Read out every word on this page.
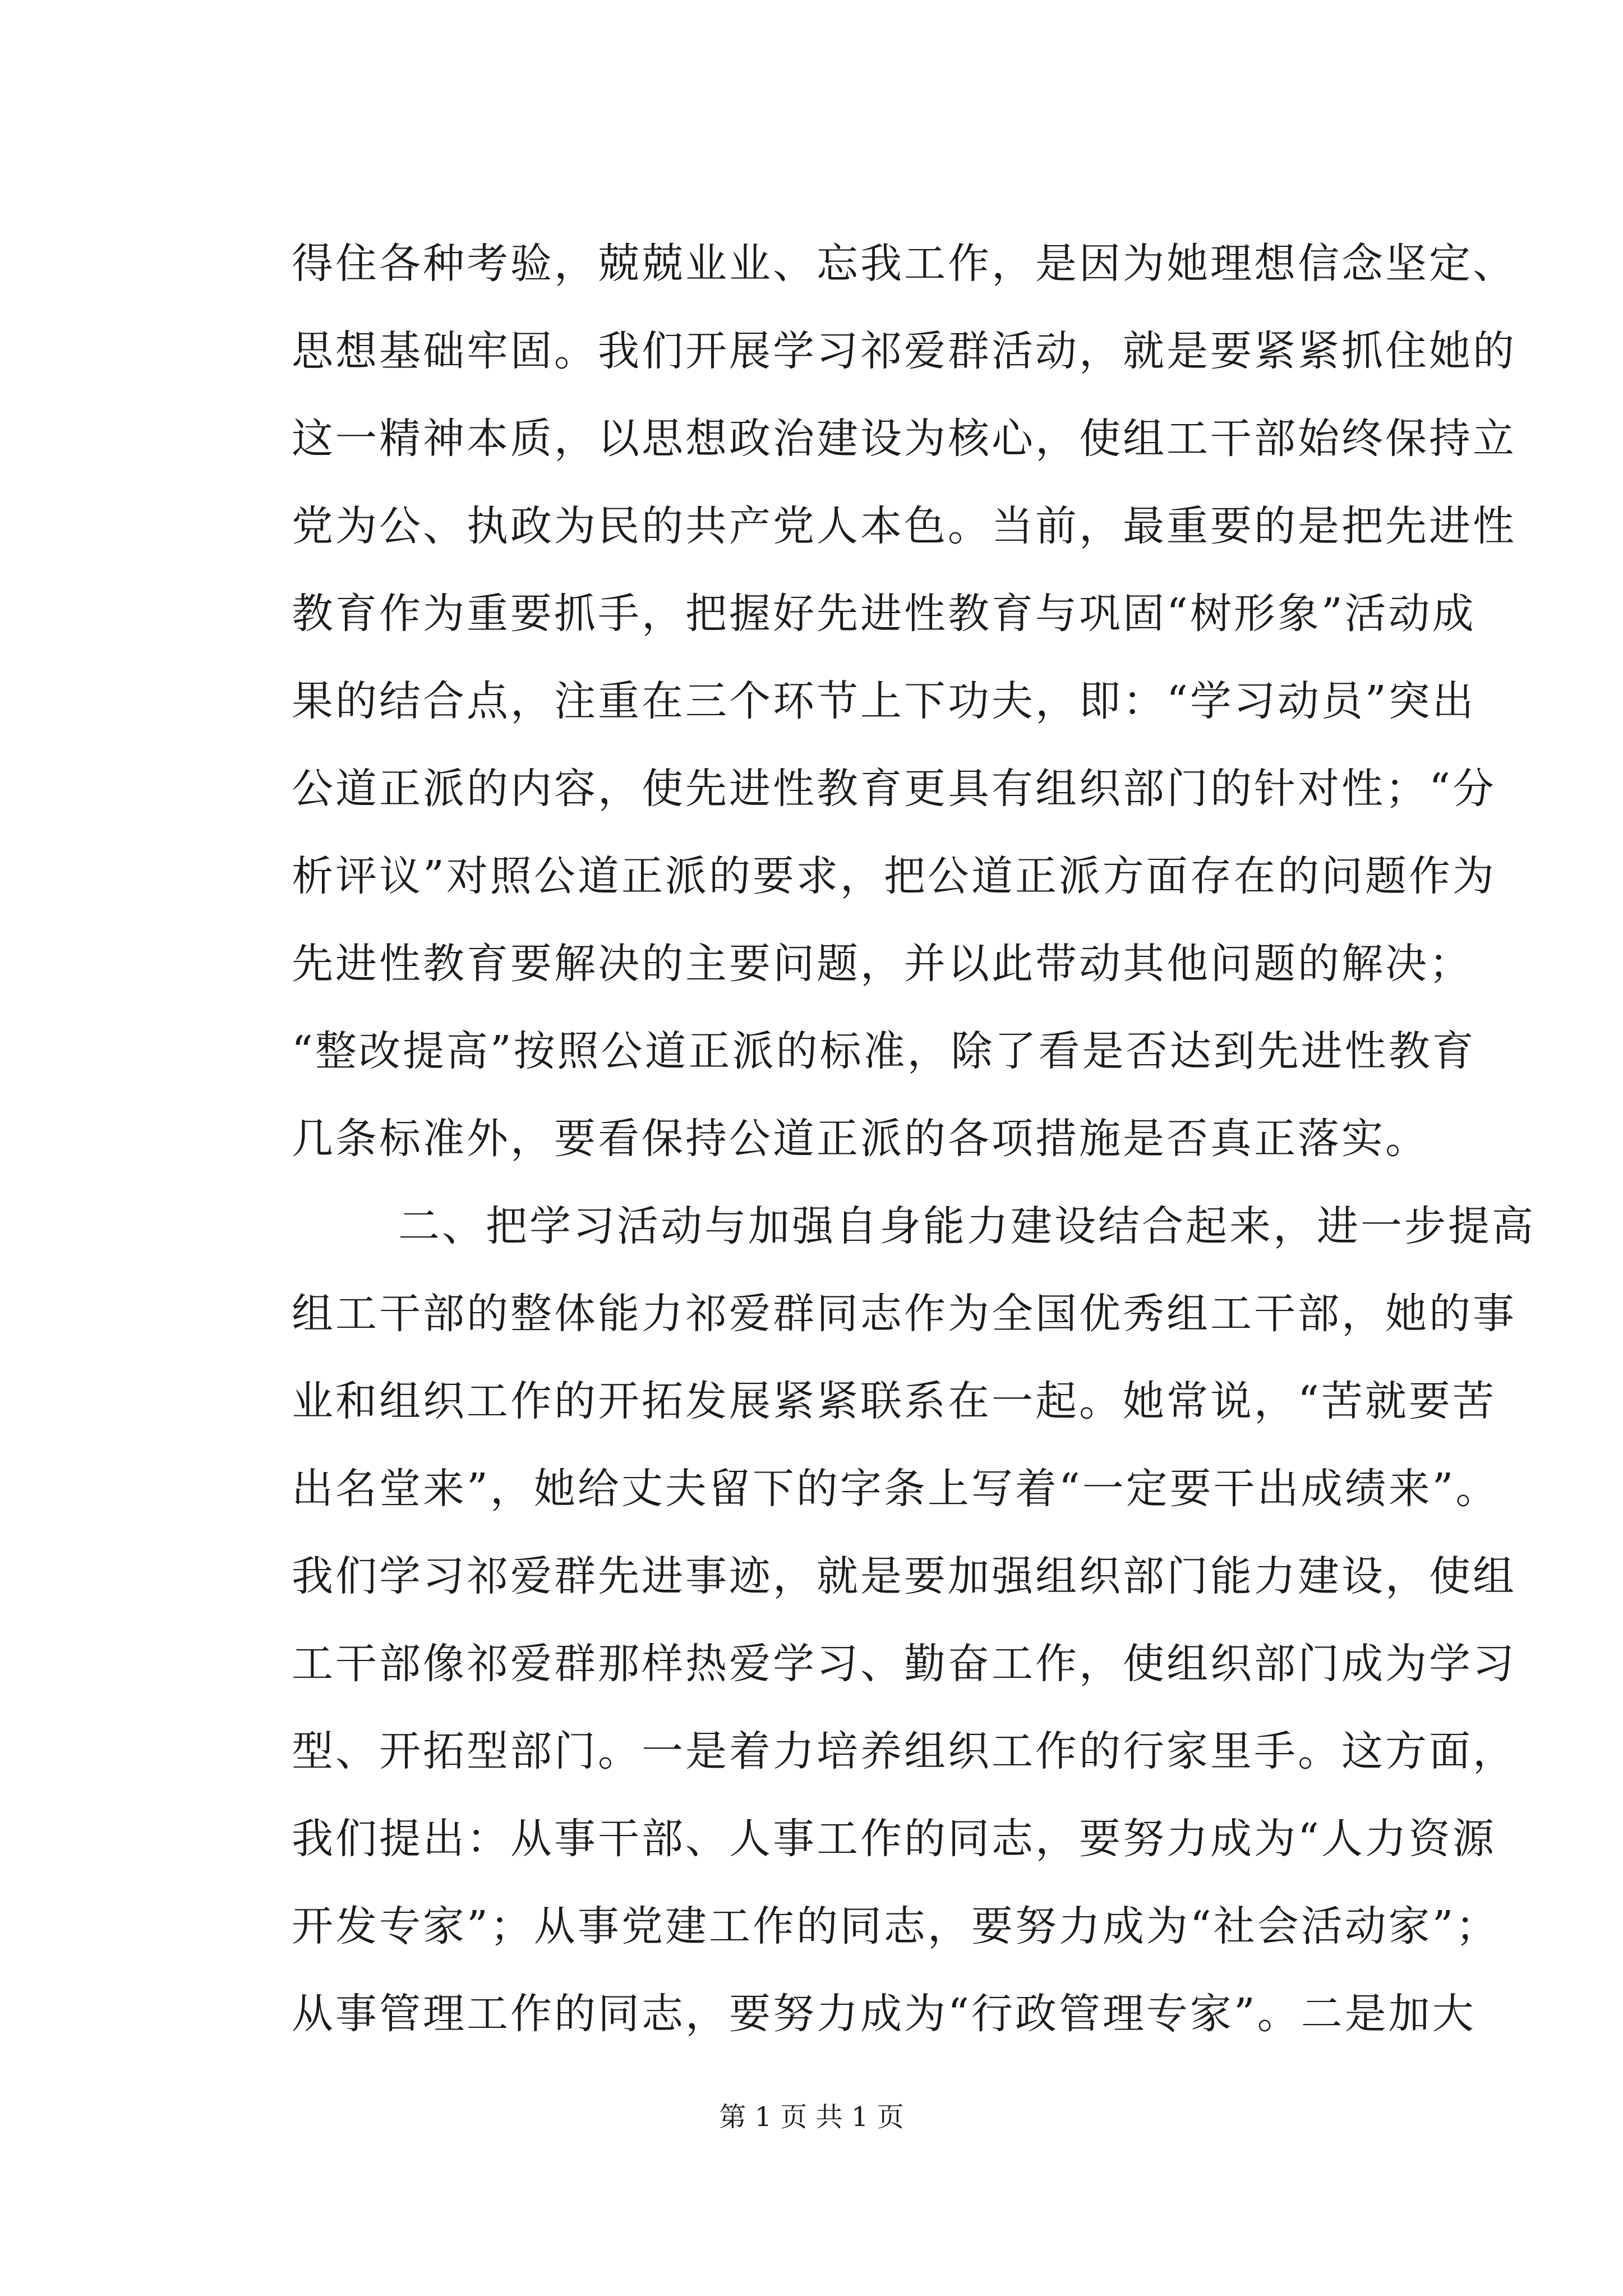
得住各种考验，兢兢业业、忘我工作，是因为她理想信念坚定、
思想基础牢固。我们开展学习祁爱群活动，就是要紧紧抓住她的
这一精神本质，以思想政治建设为核心，使组工干部始终保持立
党为公、执政为民的共产党人本色。当前，最重要的是把先进性
教育作为重要抓手，把握好先进性教育与巩固“树形象”活动成
果的结合点，注重在三个环节上下功夫，即：“学习动员”突出
公道正派的内容，使先进性教育更具有组织部门的针对性；“分
析评议”对照公道正派的要求，把公道正派方面存在的问题作为
先进性教育要解决的主要问题，并以此带动其他问题的解决；
“整改提高”按照公道正派的标准，除了看是否达到先进性教育
几条标准外，要看保持公道正派的各项措施是否真正落实。
二、把学习活动与加强自身能力建设结合起来，进一步提高
组工干部的整体能力祁爱群同志作为全国优秀组工干部，她的事
业和组织工作的开拓发展紧紧联系在一起。她常说，“苦就要苦
出名堂来”，她给丈夫留下的字条上写着“一定要干出成绩来”。
我们学习祁爱群先进事迹，就是要加强组织部门能力建设，使组
工干部像祁爱群那样热爱学习、勤奋工作，使组织部门成为学习
型、开拓型部门。一是着力培养组织工作的行家里手。这方面，
我们提出：从事干部、人事工作的同志，要努力成为“人力资源
开发专家”；从事党建工作的同志，要努力成为“社会活动家”；
从事管理工作的同志，要努力成为“行政管理专家”。二是加大
第 1 页 共 1 页
